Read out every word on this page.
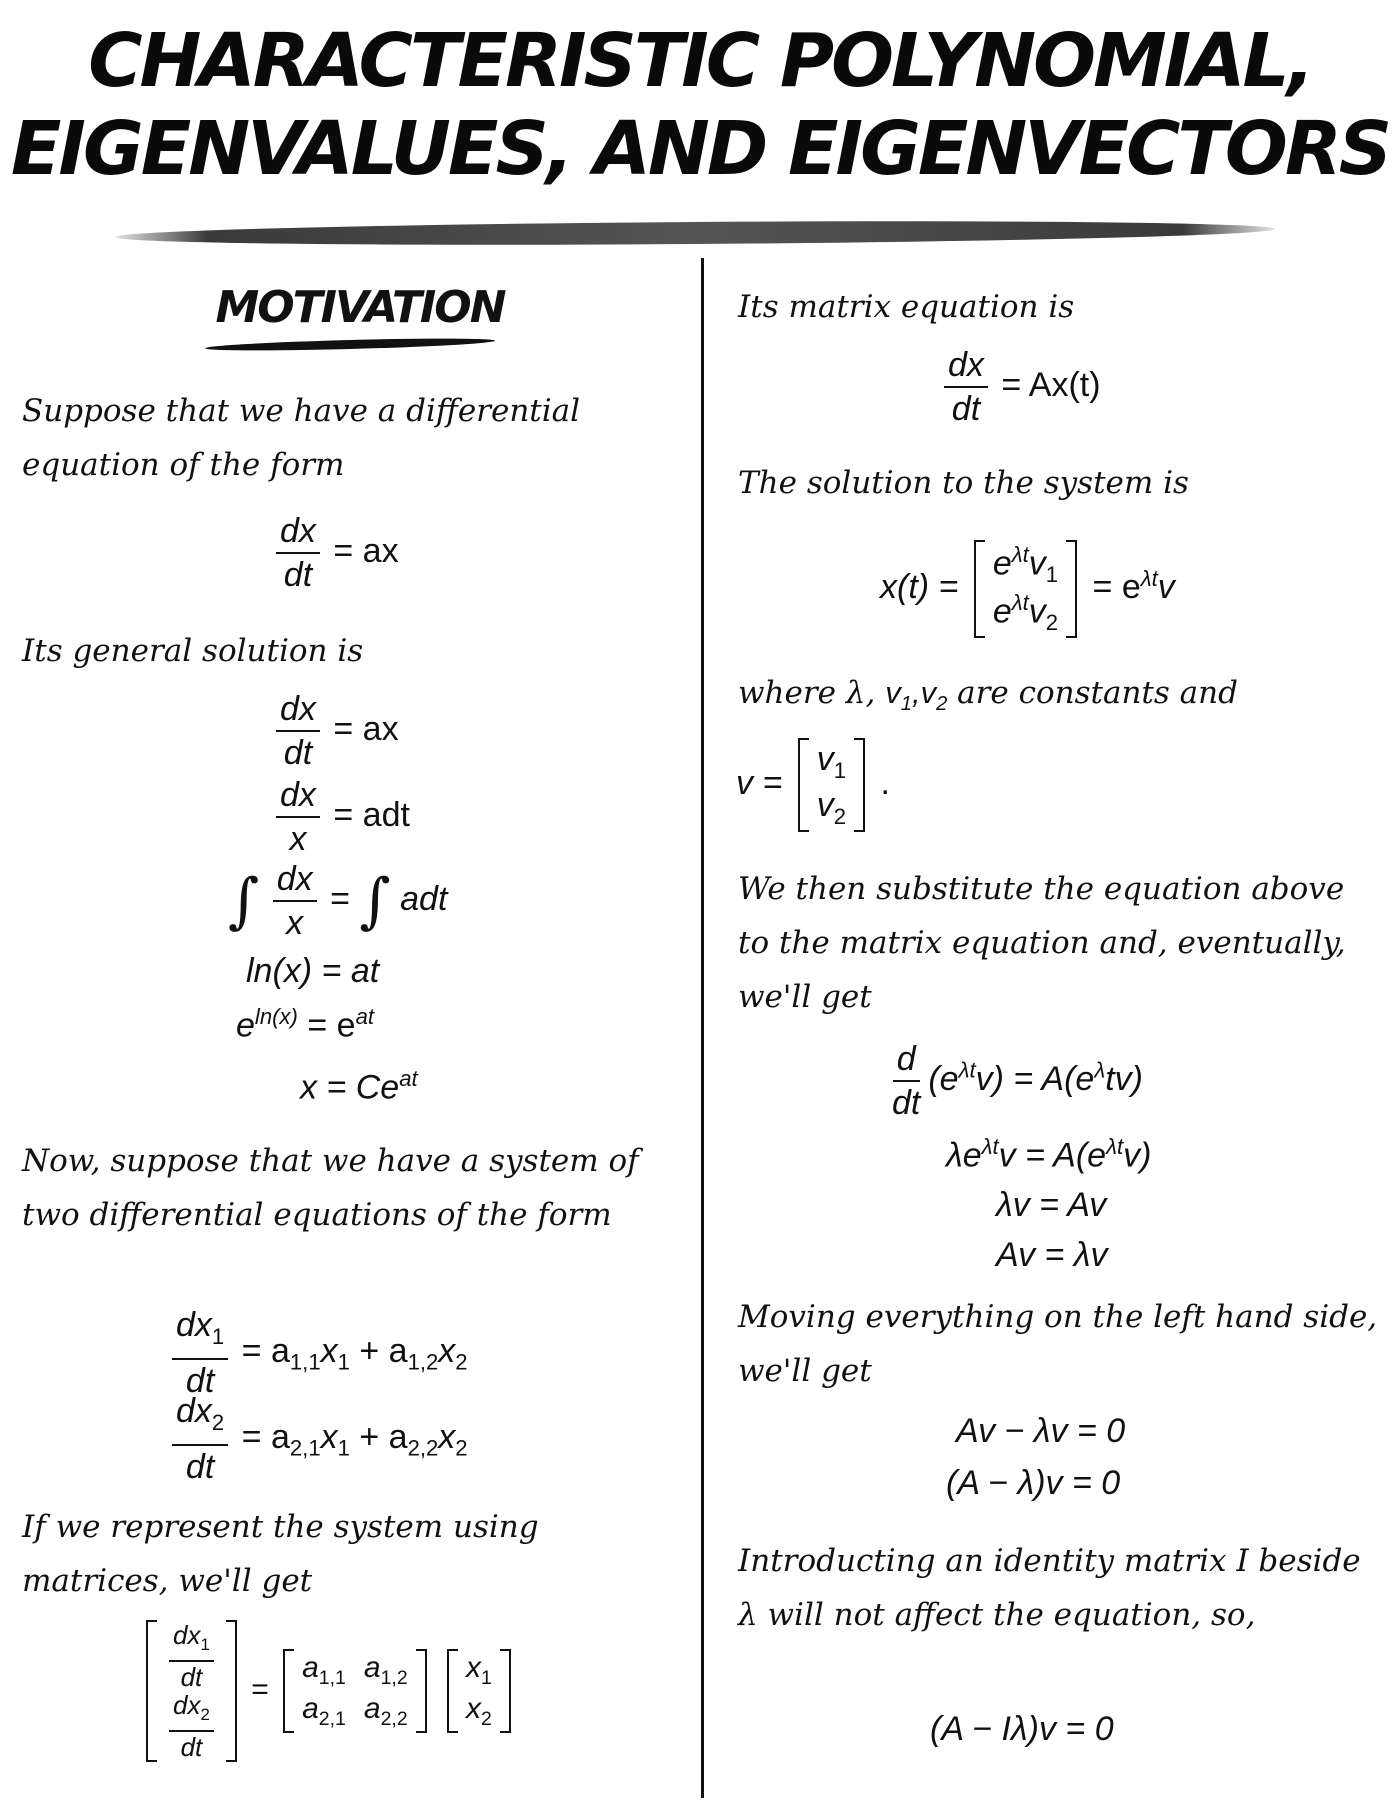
CHARACTERISTIC POLYNOMIAL,
EIGENVALUES, AND EIGENVECTORS
MOTIVATION
Suppose that we have a differential equation of the form
$\frac{dx}{dt}$ = ax
Its general solution is
$\frac{dx}{dt}$ = ax
$\frac{dx}{x}$ = adt
∫ $\frac{dx}{x}$ = ∫ adt
ln(x) = at
$e^{ln(x)} = e^{at}$
$x = Ce^{at}$
Now, suppose that we have a system of two differential equations of the form
$\frac{dx_1}{dt} = a_{1,1}x_1 + a_{1,2}x_2$
$\frac{dx_2}{dt} = a_{2,1}x_1 + a_{2,2}x_2$
If we represent the system using matrices, we'll get
$\frac{dx_1}{dt}$
$\frac{dx_2}{dt}$
=
$a_{1,1}$ $a_{1,2}$
$a_{2,1}$ $a_{2,2}$

$x_1$
$x_2$
Its matrix equation is
$\frac{dx}{dt} = Ax(t)$
The solution to the system is
x(t) =
$e^{\lambda t}v_1$
$e^{\lambda t}v_2$
= $e^{\lambda t}v$
where λ, $v_1,v_2$ are constants and
v =
$v_1$
$v_2$
.
We then substitute the equation above to the matrix equation and, eventually, we'll get
$\frac{d}{dt} (e^{\lambda t}v) = A(e^\lambda tv)$
$\lambda e^{\lambda t}v = A(e^{\lambda t}v)$
λv = Av
Av = λv
Moving everything on the left hand side, we'll get
Av − λv = 0
(A − λ)v = 0
Introducting an identity matrix I beside λ will not affect the equation, so,
(A − Iλ)v = 0
